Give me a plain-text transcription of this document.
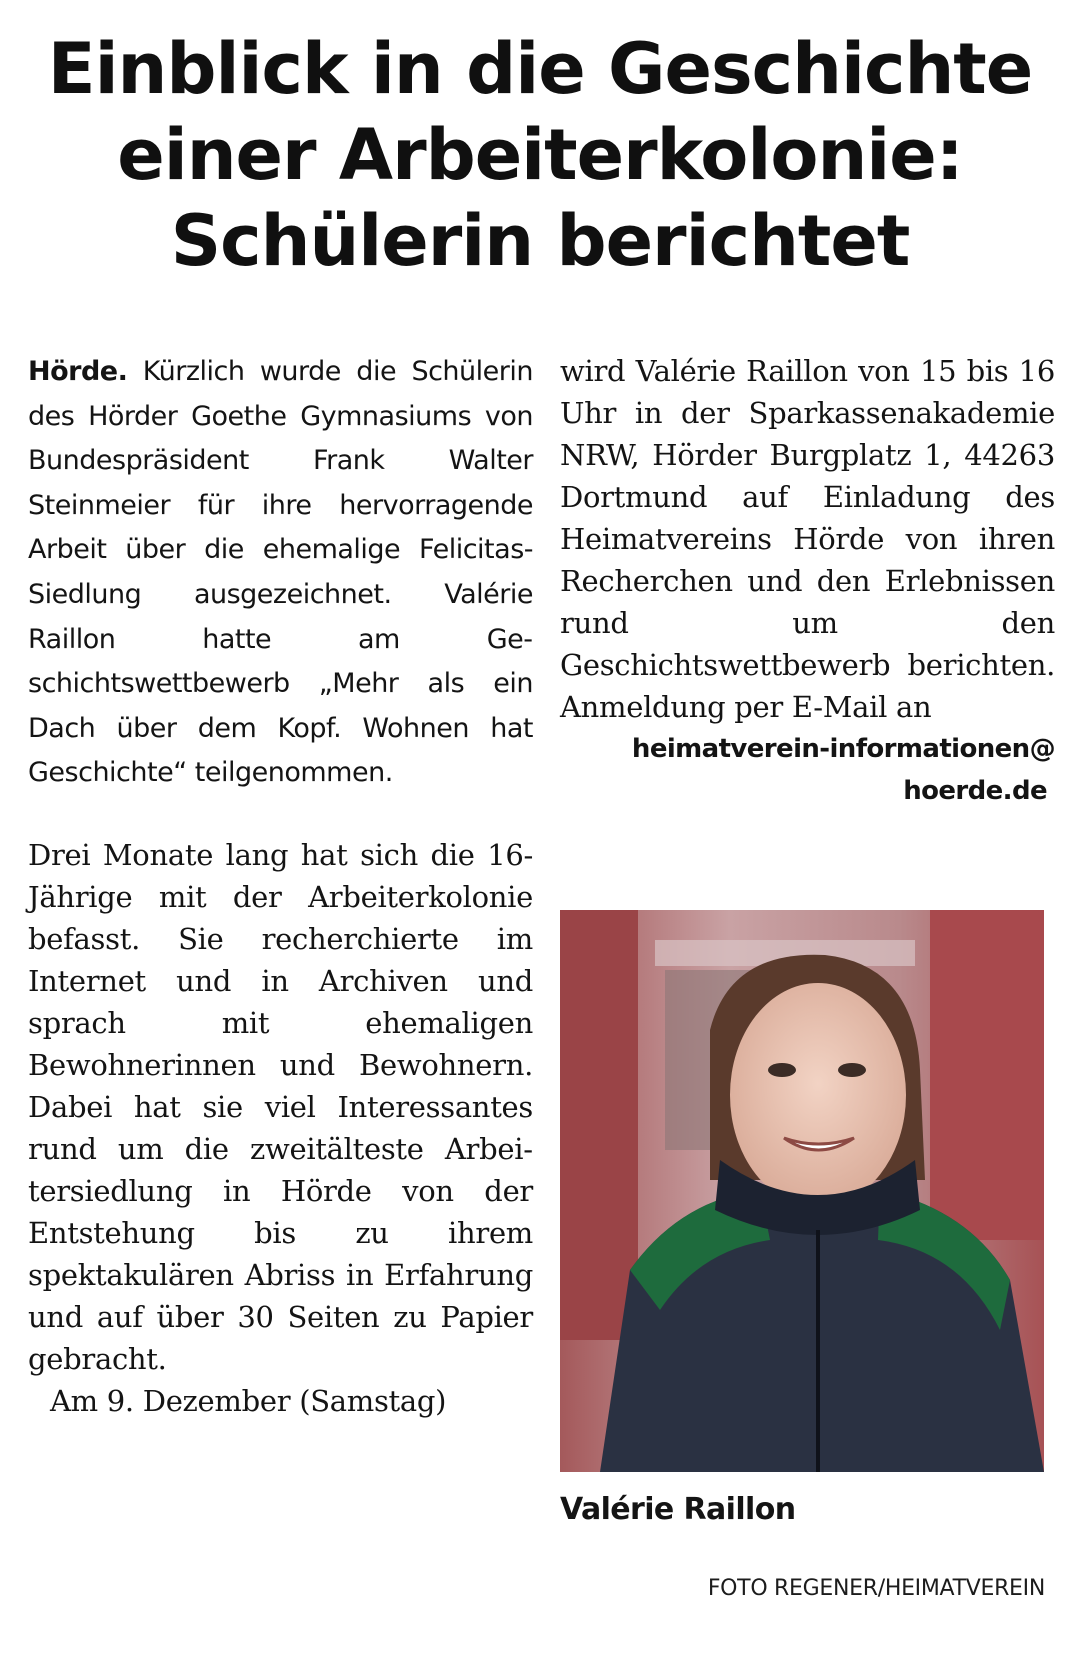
Einblick in die Geschichte
einer Arbeiterkolonie:
Schülerin berichtet

Hörde. Kürzlich wurde die Schülerin des Hörder Goethe Gymnasiums von Bundespräsident Frank Walter Steinmeier für ihre hervorragende Arbeit über die ehemalige Felicitas-Siedlung ausgezeichnet. Valérie Raillon hatte am Geschichtswettbewerb „Mehr als ein Dach über dem Kopf. Wohnen hat Geschichte“ teilgenommen.

Drei Monate lang hat sich die 16-Jährige mit der Arbeiterkolonie befasst. Sie recherchierte im Internet und in Archiven und sprach mit ehemaligen Bewohnerinnen und Bewohnern. Dabei hat sie viel Interessantes rund um die zweitälteste Arbeitersiedlung in Hörde von der Entstehung bis zu ihrem spektakulären Abriss in Erfahrung und auf über 30 Seiten zu Papier gebracht.

Am 9. Dezember (Samstag)

wird Valérie Raillon von 15 bis 16 Uhr in der Sparkassenakademie NRW, Hörder Burgplatz 1, 44263 Dortmund auf Einladung des Heimatvereins Hörde von ihren Recherchen und den Erlebnissen rund um den Geschichtswettbewerb berichten. Anmeldung per E-Mail an
informationen@

heimatverein-hoerde.de
Valérie Raillon
FOTO REGENER/HEIMATVEREIN
